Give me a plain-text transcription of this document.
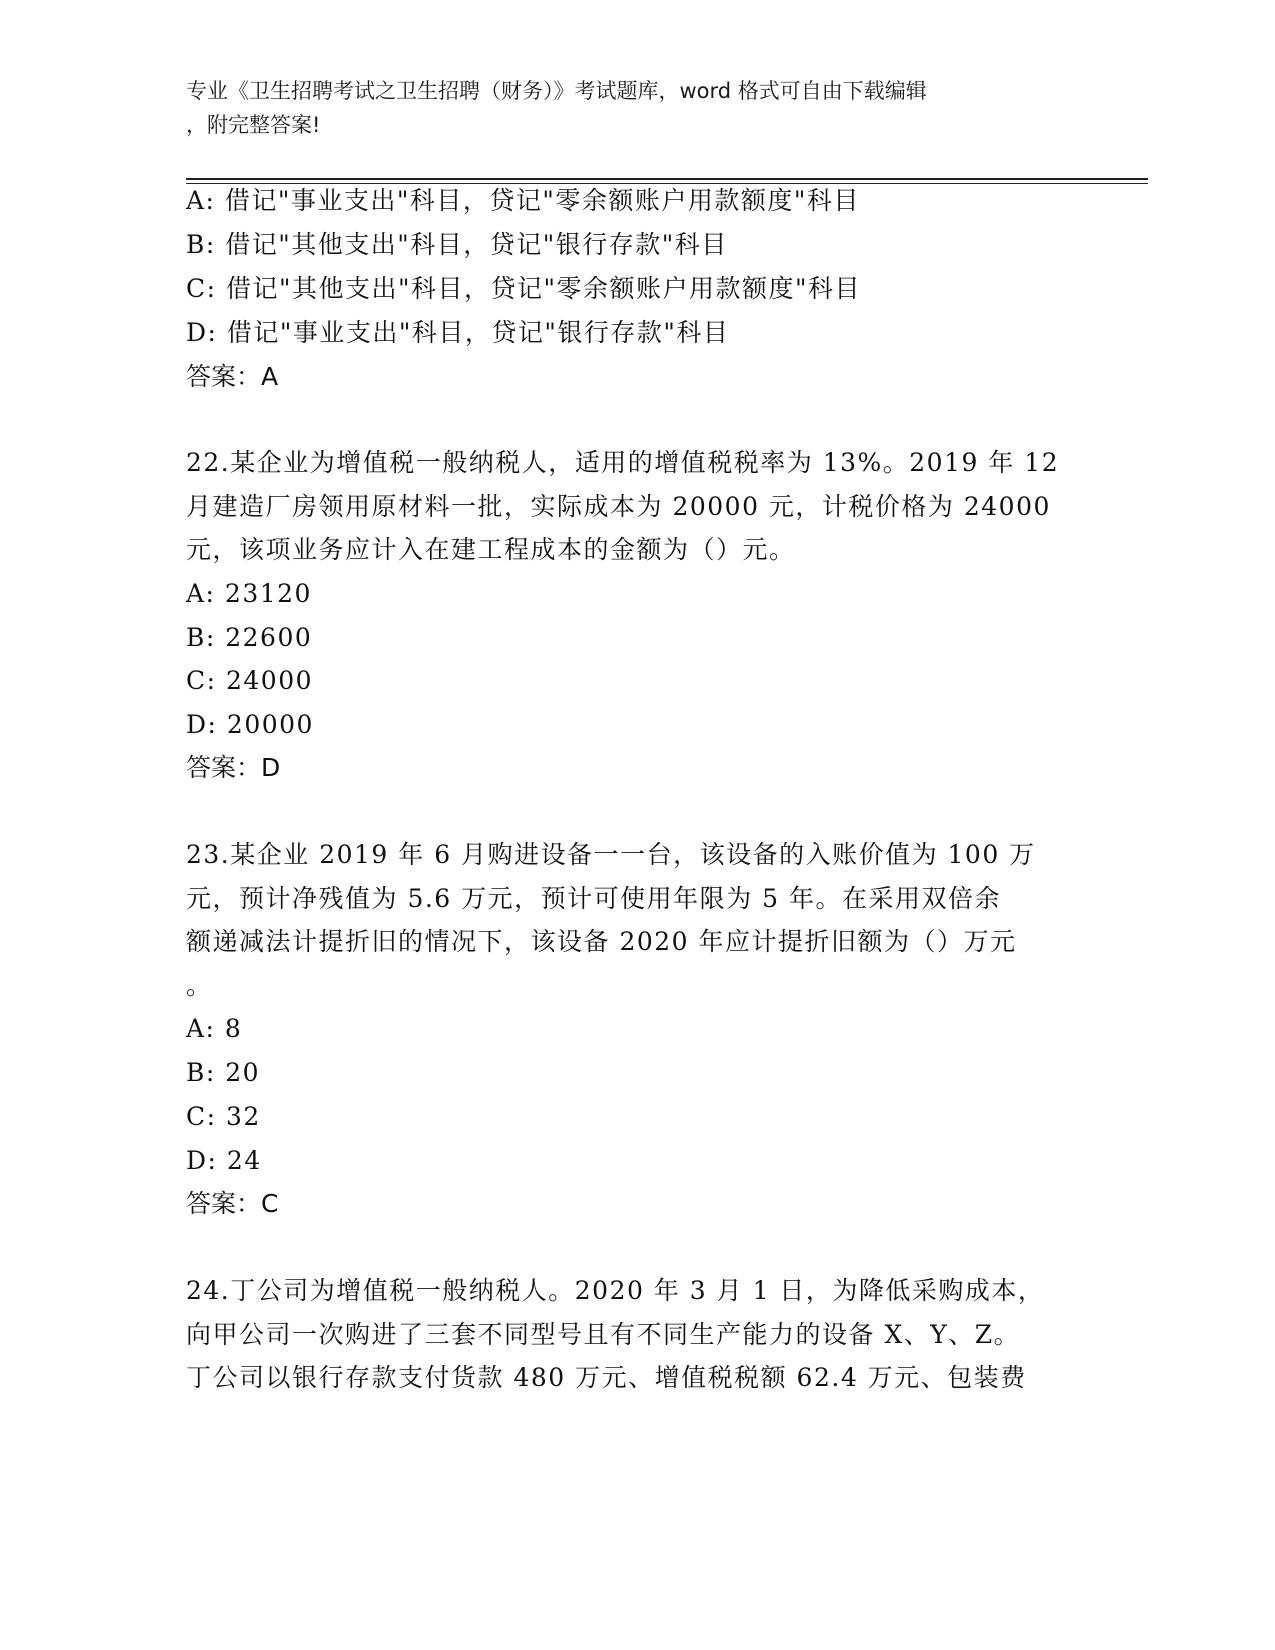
专业《卫生招聘考试之卫生招聘（财务）》考试题库，word 格式可自由下载编辑
，附完整答案!
A: 借记"事业支出"科目，贷记"零余额账户用款额度"科目
B: 借记"其他支出"科目，贷记"银行存款"科目
C: 借记"其他支出"科目，贷记"零余额账户用款额度"科目
D: 借记"事业支出"科目，贷记"银行存款"科目
答案：A
22.某企业为增值税一般纳税人，适用的增值税税率为 13%。2019 年 12
月建造厂房领用原材料一批，实际成本为 20000 元，计税价格为 24000
元，该项业务应计入在建工程成本的金额为（）元。
A: 23120
B: 22600
C: 24000
D: 20000
答案：D
23.某企业 2019 年 6 月购进设备一一台，该设备的入账价值为 100 万
元，预计净残值为 5.6 万元，预计可使用年限为 5 年。在采用双倍余
额递减法计提折旧的情况下，该设备 2020 年应计提折旧额为（）万元
。
A: 8
B: 20
C: 32
D: 24
答案：C
24.丁公司为增值税一般纳税人。2020 年 3 月 1 日，为降低采购成本，
向甲公司一次购进了三套不同型号且有不同生产能力的设备 X、Y、Z。
丁公司以银行存款支付货款 480 万元、增值税税额 62.4 万元、包装费
